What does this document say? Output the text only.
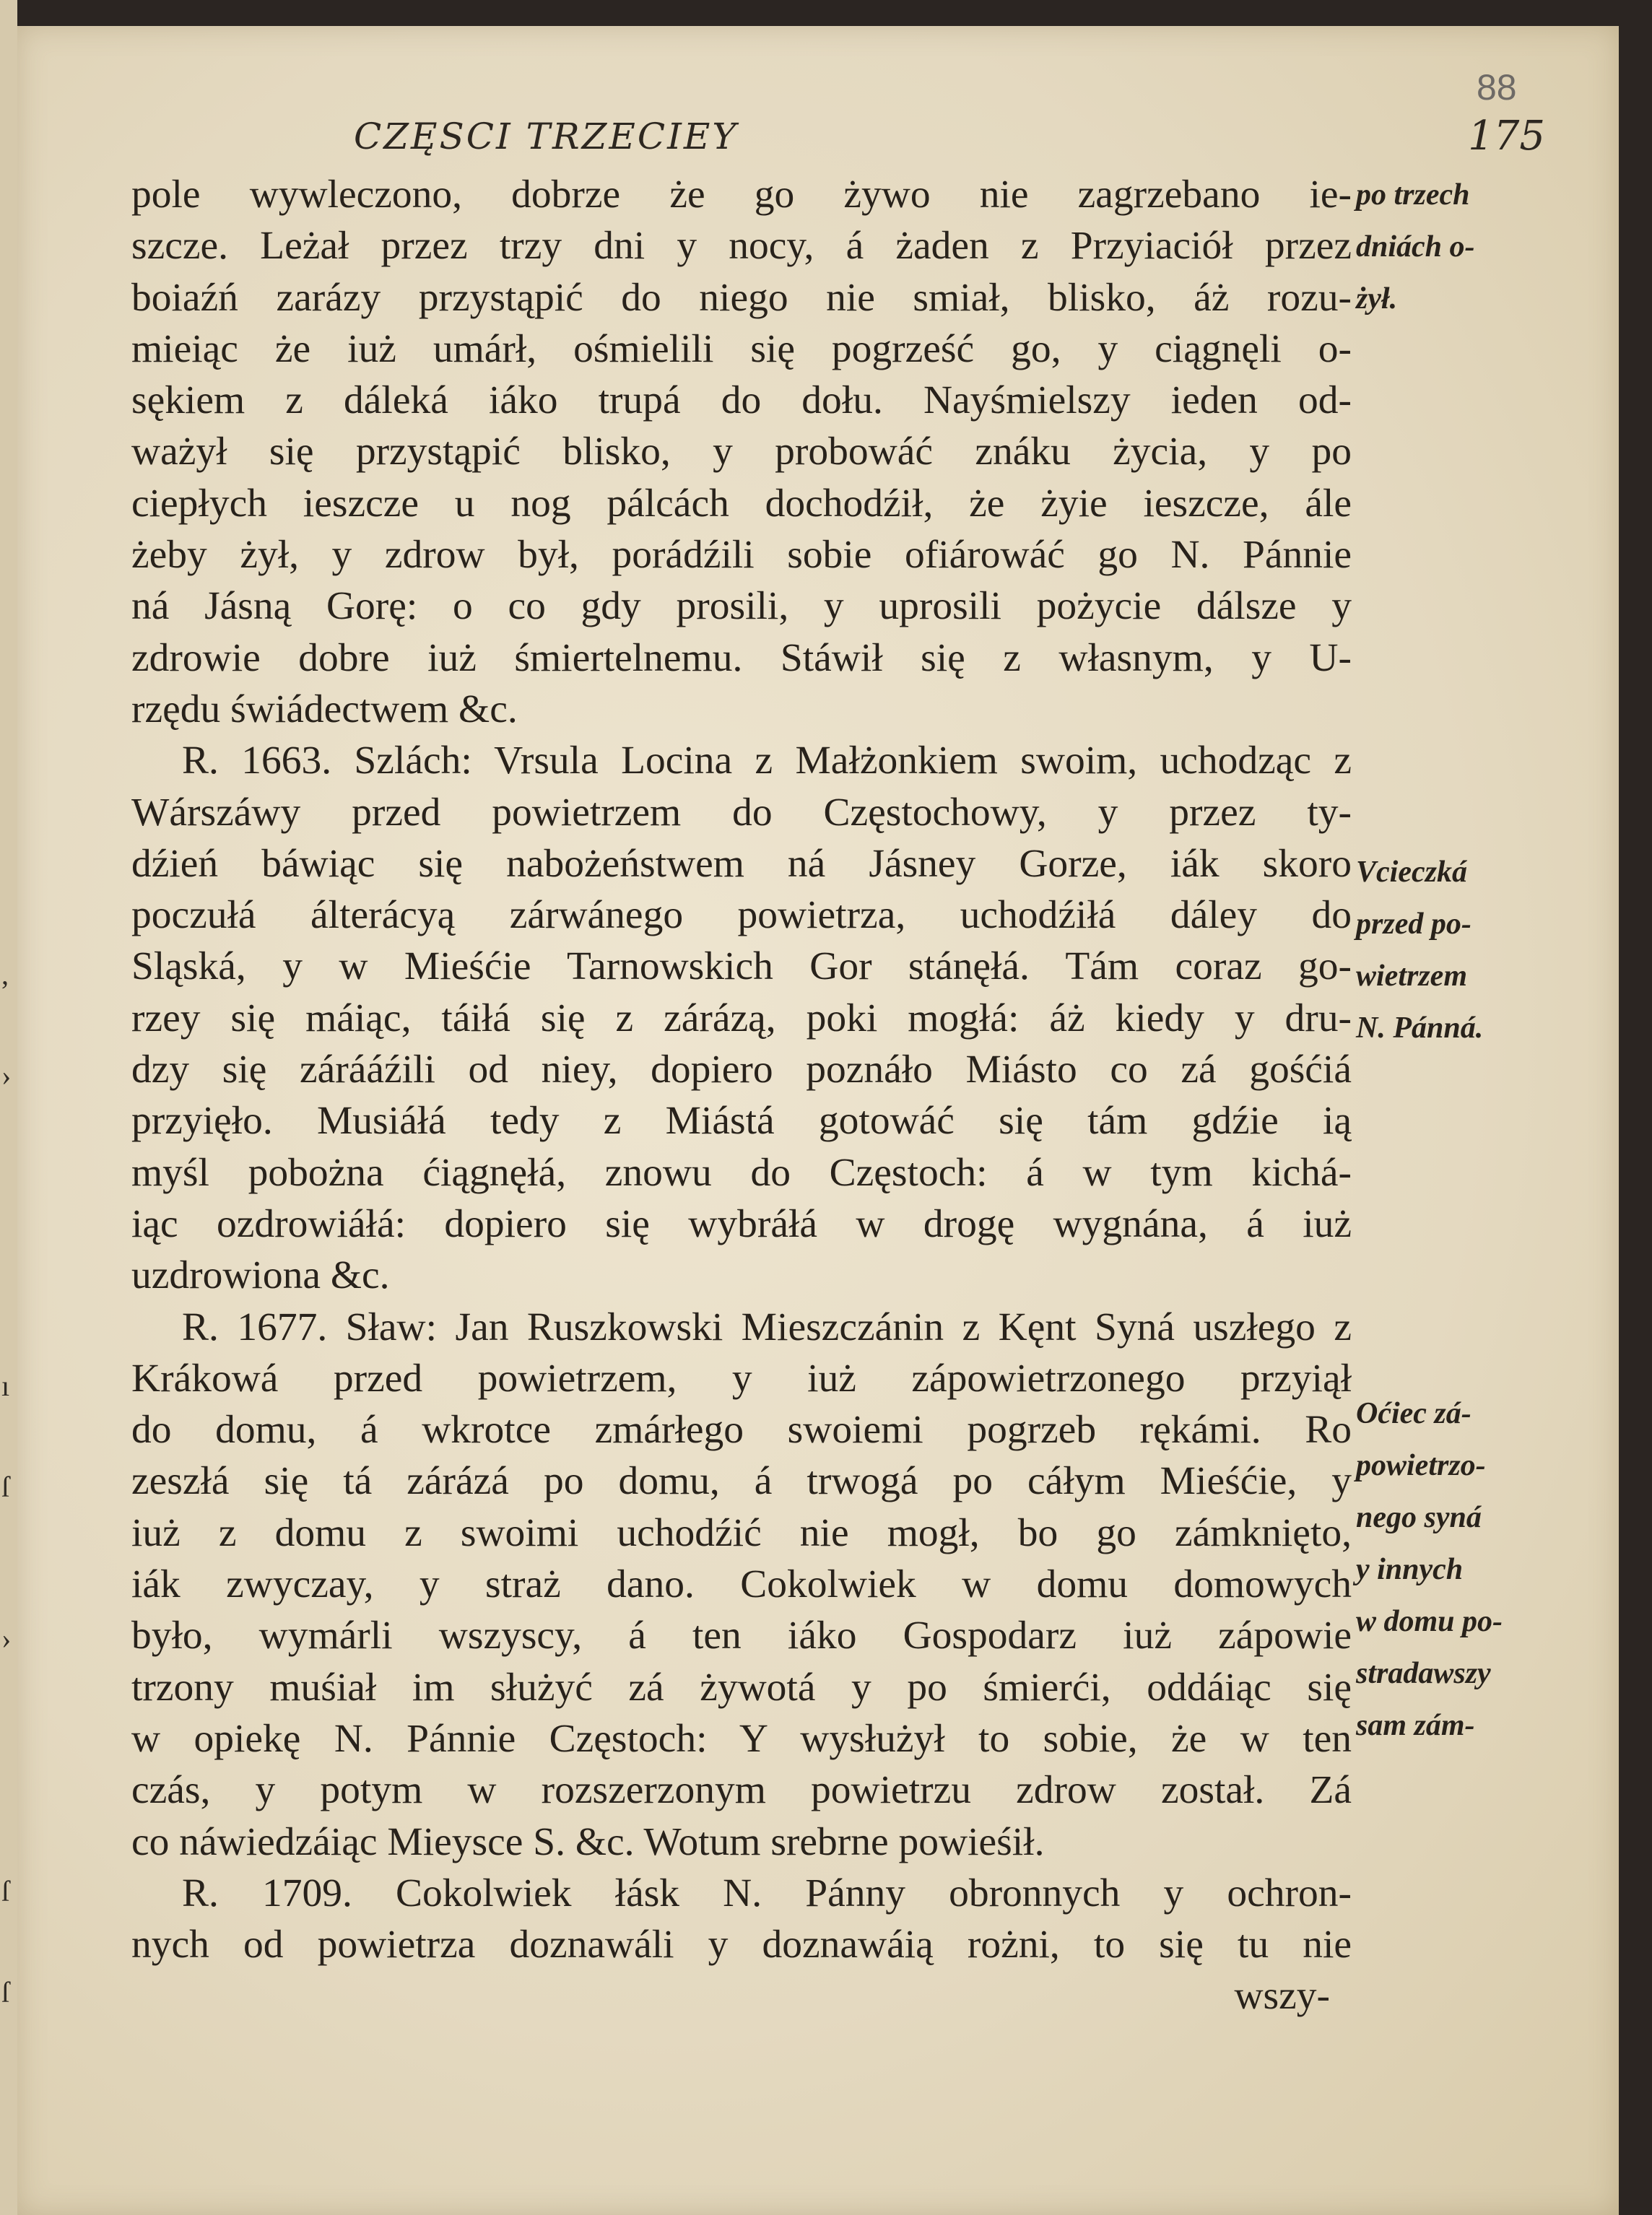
,
›
ı
ſ
›
ſ
ſ
CZĘSCI TRZECIEY	175
88
pole wywleczono, dobrze że go żywo nie zagrzebano ie-
szcze. Leżał przez trzy dni y nocy, á żaden z Przyiaciół przez
boiaźń zarázy przystąpić do niego nie smiał, blisko, áż rozu-
mieiąc że iuż umárł, ośmielili się pogrześć go, y ciągnęli o-
sękiem z dáleká iáko trupá do dołu. Nayśmielszy ieden od-
ważył się przystąpić blisko, y probowáć znáku życia, y po
ciepłych ieszcze u nog pálcách dochodźił, że żyie ieszcze, ále
żeby żył, y zdrow był, porádźili sobie ofiárowáć go N. Pánnie
ná Jásną Gorę: o co gdy prosili, y uprosili pożycie dálsze y
zdrowie dobre iuż śmiertelnemu. Stáwił się z własnym, y U-
rzędu świádectwem &c.
R. 1663. Szlách: Vrsula Locina z Małżonkiem swoim, uchodząc z
Wárszáwy przed powietrzem do Częstochowy, y przez ty-
dźień báwiąc się nabożeństwem ná Jásney Gorze, iák skoro
poczułá álterácyą zárwánego powietrza, uchodźiłá dáley do
Sląská, y w Mieśćie Tarnowskich Gor stánęłá. Tám coraz go-
rzey się máiąc, táiłá się z zárázą, poki mogłá: áż kiedy y dru-
dzy się zárááźili od niey, dopiero poznáło Miásto co zá gośćiá
przyięło. Musiáłá tedy z Miástá gotowáć się tám gdźie ią
myśl pobożna ćiągnęłá, znowu do Częstoch: á w tym kichá-
iąc ozdrowiáłá: dopiero się wybráłá w drogę wygnána, á iuż
uzdrowiona &c.
R. 1677. Sław: Jan Ruszkowski Mieszczánin z Kęnt Syná uszłego z
Krákowá przed powietrzem, y iuż zápowietrzonego przyiął
do domu, á wkrotce zmárłego swoiemi pogrzeb rękámi. Ro
zeszłá się tá zárázá po domu, á trwogá po cáłym Mieśćie, y
iuż z domu z swoimi uchodźić nie mogł, bo go zámknięto,
iák zwyczay, y straż dano. Cokolwiek w domu domowych
było, wymárli wszyscy, á ten iáko Gospodarz iuż zápowie
trzony muśiał im służyć zá żywotá y po śmierći, oddáiąc się
w opiekę N. Pánnie Częstoch: Y wysłużył to sobie, że w ten
czás, y potym w rozszerzonym powietrzu zdrow został. Zá
co náwiedzáiąc Mieysce S. &c. Wotum srebrne powieśił.
R. 1709. Cokolwiek łásk N. Pánny obronnych y ochron-
nych od powietrza doznawáli y doznawáią rożni, to się tu nie
wszy-
po trzech
dniách o-
żył.
Vcieczká
przed po-
wietrzem
N. Pánná.
Oćiec zá-
powietrzo-
nego syná
y innych
w domu po-
stradawszy
sam zám-
